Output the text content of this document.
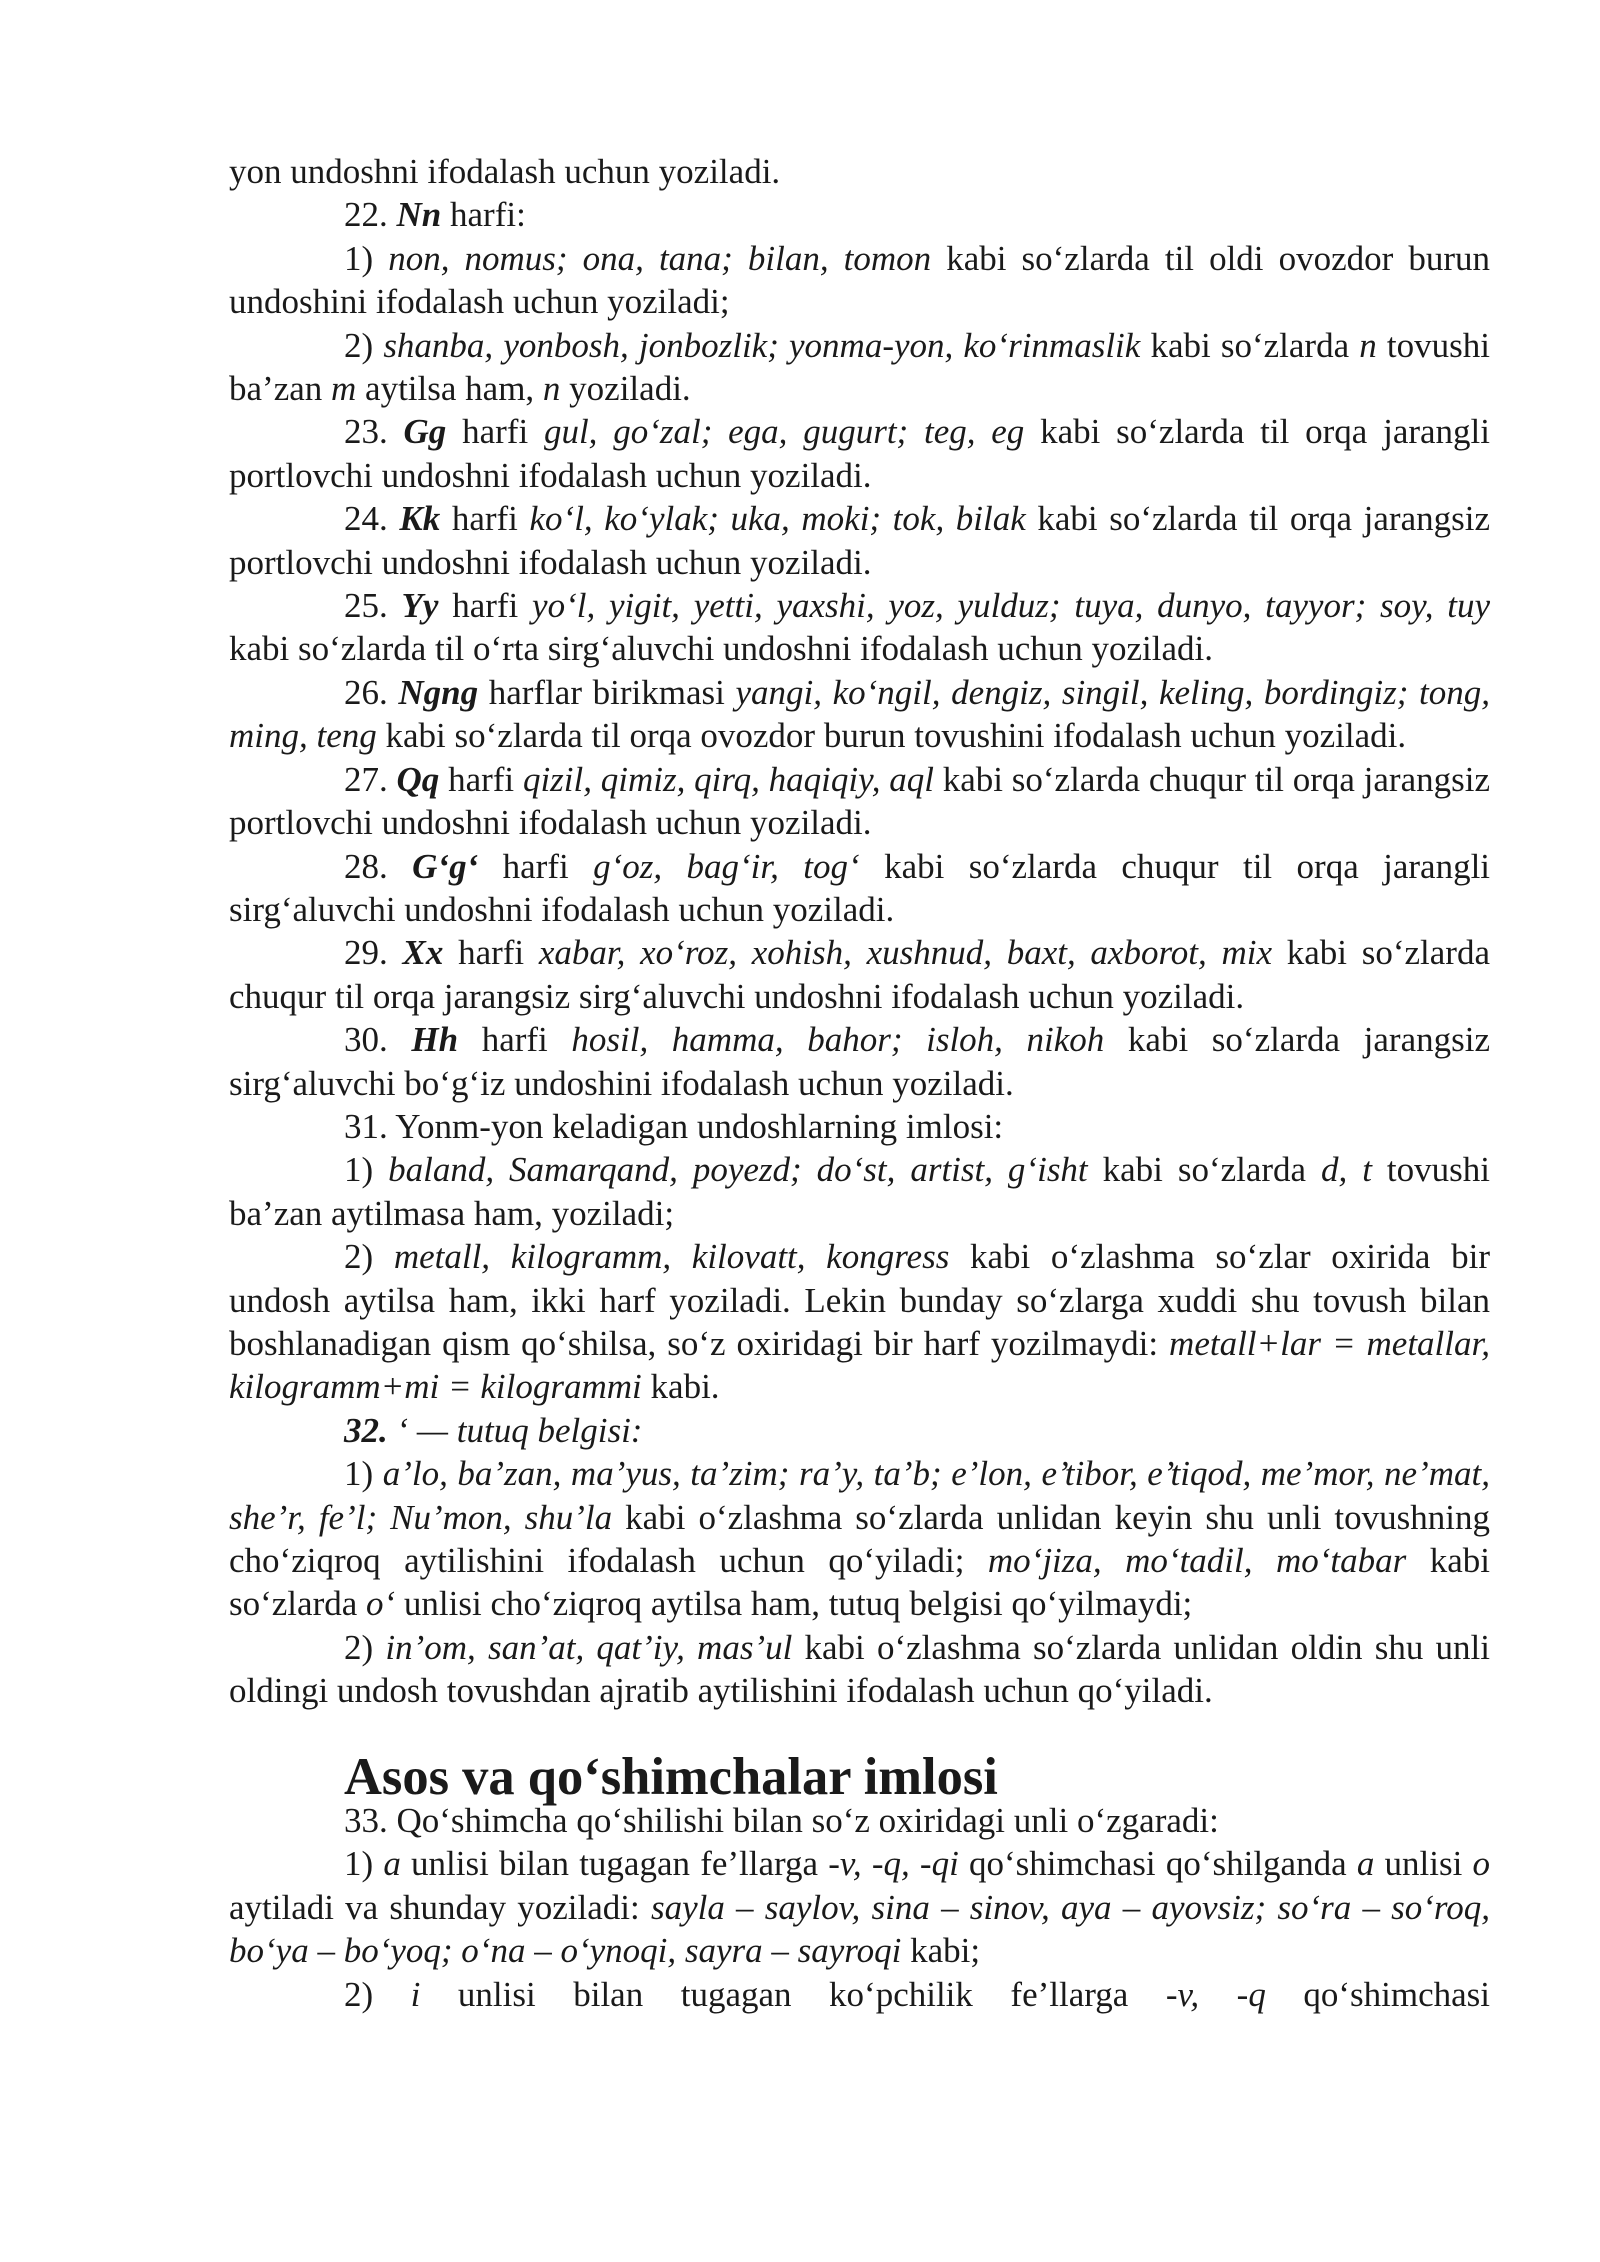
yon undoshni ifodalash uchun yoziladi.

22. Nn harfi:

1) non, nomus; ona, tana; bilan, tomon kabi so‘zlarda til oldi ovozdor burun undoshini ifodalash uchun yoziladi;

2) shanba, yonbosh, jonbozlik; yonma-yon, ko‘rinmaslik kabi so‘zlarda n tovushi ba’zan m aytilsa ham, n yoziladi.

23. Gg harfi gul, go‘zal; ega, gugurt; teg, eg kabi so‘zlarda til orqa jarangli portlovchi undoshni ifodalash uchun yoziladi.

24. Kk harfi ko‘l, ko‘ylak; uka, moki; tok, bilak kabi so‘zlarda til orqa jarangsiz portlovchi undoshni ifodalash uchun yoziladi.

25. Yy harfi yo‘l, yigit, yetti, yaxshi, yoz, yulduz; tuya, dunyo, tayyor; soy, tuy kabi so‘zlarda til o‘rta sirg‘aluvchi undoshni ifodalash uchun yoziladi.

26. Ngng harflar birikmasi yangi, ko‘ngil, dengiz, singil, keling, bordingiz; tong, ming, teng kabi so‘zlarda til orqa ovozdor burun tovushini ifodalash uchun yoziladi.

27. Qq harfi qizil, qimiz, qirq, haqiqiy, aql kabi so‘zlarda chuqur til orqa jarangsiz portlovchi undoshni ifodalash uchun yoziladi.

28. G‘g‘ harfi g‘oz, bag‘ir, tog‘ kabi so‘zlarda chuqur til orqa jarangli sirg‘aluvchi undoshni ifodalash uchun yoziladi.

29. Xx harfi xabar, xo‘roz, xohish, xushnud, baxt, axborot, mix kabi so‘zlarda chuqur til orqa jarangsiz sirg‘aluvchi undoshni ifodalash uchun yoziladi.

30. Hh harfi hosil, hamma, bahor; isloh, nikoh kabi so‘zlarda jarangsiz sirg‘aluvchi bo‘g‘iz undoshini ifodalash uchun yoziladi.

31. Yonm-yon keladigan undoshlarning imlosi:

1) baland, Samarqand, poyezd; do‘st, artist, g‘isht kabi so‘zlarda d, t tovushi ba’zan aytilmasa ham, yoziladi;

2) metall, kilogramm, kilovatt, kongress kabi o‘zlashma so‘zlar oxirida bir undosh aytilsa ham, ikki harf yoziladi. Lekin bunday so‘zlarga xuddi shu tovush bilan boshlanadigan qism qo‘shilsa, so‘z oxiridagi bir harf yozilmaydi: metall+lar = metallar, kilogramm+mi = kilogrammi kabi.

32. ‘ — tutuq belgisi:

1) a’lo, ba’zan, ma’yus, ta’zim; ra’y, ta’b; e’lon, e’tibor, e’tiqod, me’mor, ne’mat, she’r, fe’l; Nu’mon, shu’la kabi o‘zlashma so‘zlarda unlidan keyin shu unli tovushning cho‘ziqroq aytilishini ifodalash uchun qo‘yiladi; mo‘jiza, mo‘tadil, mo‘tabar kabi so‘zlarda o‘ unlisi cho‘ziqroq aytilsa ham, tutuq belgisi qo‘yilmaydi;

2) in’om, san’at, qat’iy, mas’ul kabi o‘zlashma so‘zlarda unlidan oldin shu unli oldingi undosh tovushdan ajratib aytilishini ifodalash uchun qo‘yiladi.

Asos va qo‘shimchalar imlosi

33. Qo‘shimcha qo‘shilishi bilan so‘z oxiridagi unli o‘zgaradi:

1) a unlisi bilan tugagan fe’llarga -v, -q, -qi qo‘shimchasi qo‘shilganda a unlisi o aytiladi va shunday yoziladi: sayla – saylov, sina – sinov, aya – ayovsiz; so‘ra – so‘roq, bo‘ya – bo‘yoq; o‘na – o‘ynoqi, sayra – sayroqi kabi;

2) i unlisi bilan tugagan ko‘pchilik fe’llarga -v, -q qo‘shimchasi
